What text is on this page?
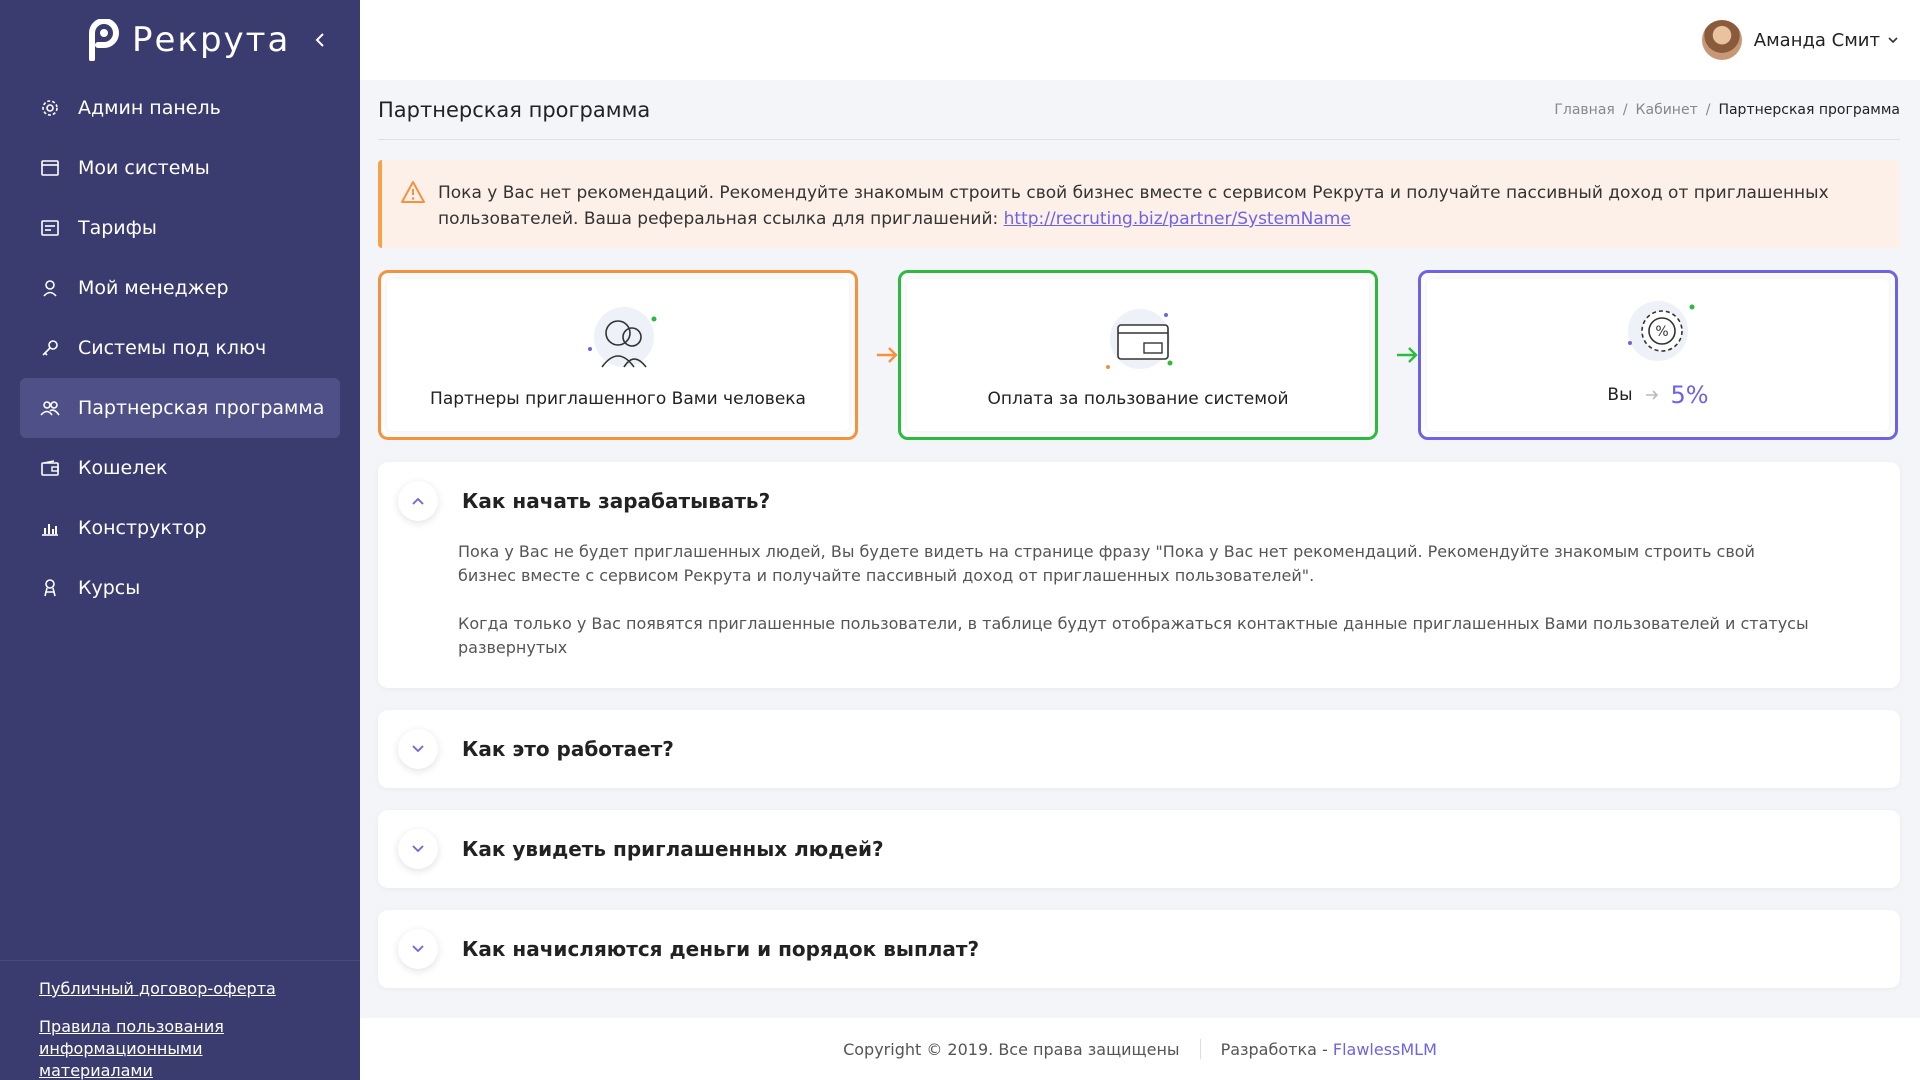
Рекрута
Админ панель
Мои системы
Тарифы
Мой менеджер
Системы под ключ
Партнерская программа
Кошелек
Конструктор
Курсы
Публичный договор-оферта
Правила пользования информационными материалами
Аманда Смит
Партнерская программа	Главная / Кабинет / Партнерская программа
Пока у Вас нет рекомендаций. Рекомендуйте знакомым строить свой бизнес вместе с сервисом Рекрута и получайте пассивный доход от приглашенных пользователей. Ваша реферальная ссылка для приглашений: http://recruting.biz/partner/SystemName
Партнеры приглашенного Вами человека	Оплата за пользование системой
%
Вы 5%
Как начать зарабатывать?

Пока у Вас не будет приглашенных людей, Вы будете видеть на странице фразу "Пока у Вас нет рекомендаций. Рекомендуйте знакомым строить свой бизнес вместе с сервисом Рекрута и получайте пассивный доход от приглашенных пользователей".

Когда только у Вас появятся приглашенные пользователи, в таблице будут отображаться контактные данные приглашенных Вами пользователей и статусы развернутых

Как это работает?
Как увидеть приглашенных людей?
Как начисляются деньги и порядок выплат?
Copyright © 2019. Все права защищены	Разработка - FlawlessMLM
